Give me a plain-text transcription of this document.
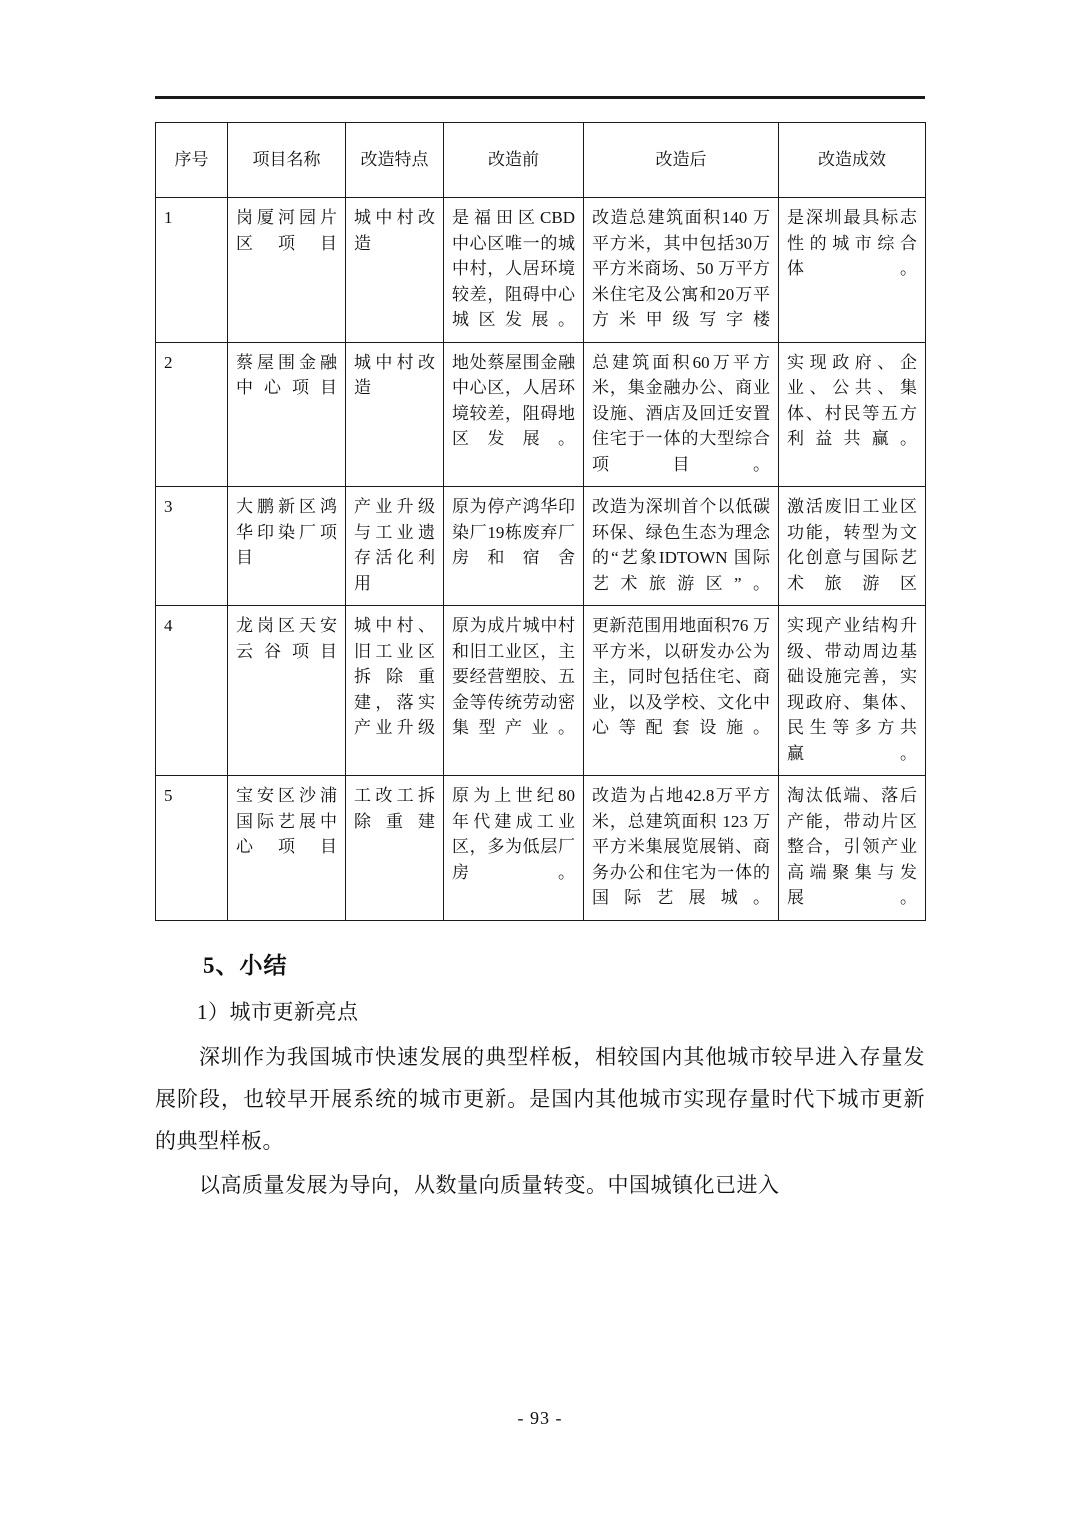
序号	项目名称	改造特点	改造前	改造后	改造成效
1	岗厦河园片区项目	城中村改造	是福田区CBD 中心区唯一的城中村，人居环境较差，阻碍中心城区发展。	改造总建筑面积140 万平方米，其中包括30万平方米商场、50 万平方米住宅及公寓和20万平方米甲级写字楼	是深圳最具标志性的城市综合体。
2	蔡屋围金融中心项目	城中村改造	地处蔡屋围金融中心区，人居环境较差，阻碍地区发展。	总建筑面积60万平方米，集金融办公、商业设施、酒店及回迁安置住宅于一体的大型综合项目。	实现政府、企业、公共、集体、村民等五方利益共赢。
3	大鹏新区鸿华印染厂项目	产业升级与工业遗存活化利用	原为停产鸿华印染厂19栋废弃厂房和宿舍	改造为深圳首个以低碳环保、绿色生态为理念的“艺象IDTOWN 国际艺术旅游区”。	激活废旧工业区功能，转型为文化创意与国际艺术旅游区
4	龙岗区天安云谷项目	城中村、旧工业区拆除重建，落实产业升级	原为成片城中村和旧工业区，主要经营塑胶、五金等传统劳动密集型产业。	更新范围用地面积76 万平方米，以研发办公为主，同时包括住宅、商业，以及学校、文化中心等配套设施。	实现产业结构升级、带动周边基础设施完善，实现政府、集体、民生等多方共赢。
5	宝安区沙浦国际艺展中心项目	工改工拆除重建	原为上世纪80 年代建成工业区，多为低层厂房。	改造为占地42.8万平方米，总建筑面积 123 万平方米集展览展销、商务办公和住宅为一体的国际艺展城。	淘汰低端、落后产能，带动片区整合，引领产业高端聚集与发展。
5、小结

1）城市更新亮点

深圳作为我国城市快速发展的典型样板，相较国内其他城市较早进入存量发展阶段，也较早开展系统的城市更新。是国内其他城市实现存量时代下城市更新的典型样板。

以高质量发展为导向，从数量向质量转变。中国城镇化已进入

- 93 -
